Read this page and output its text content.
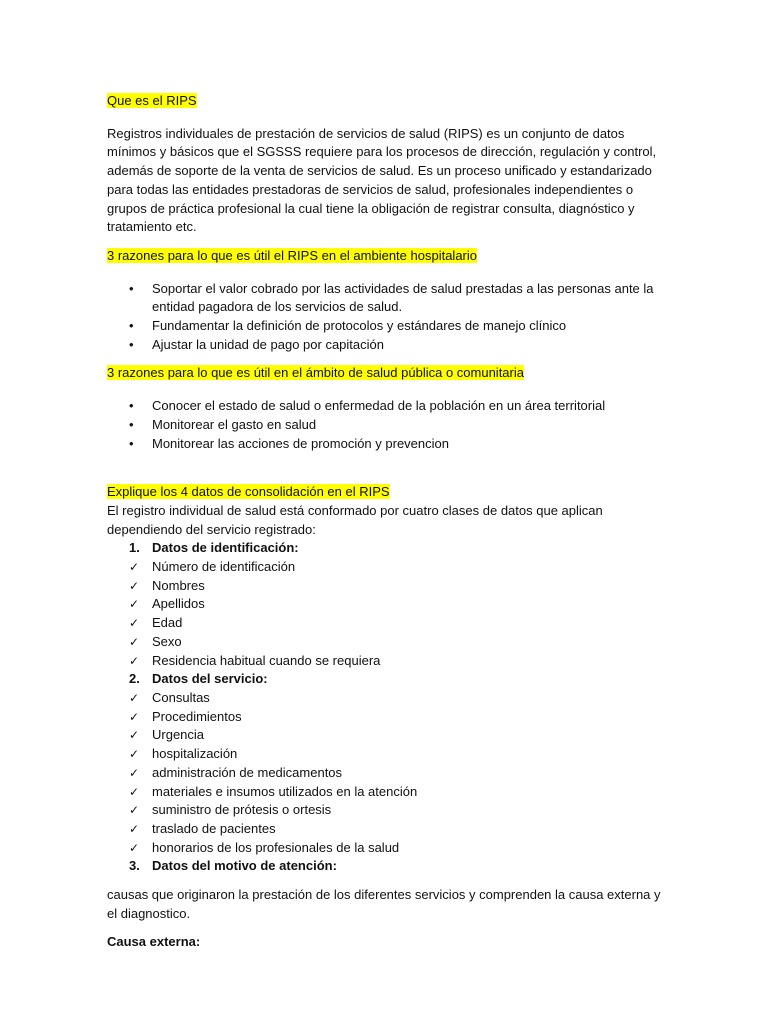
Que es el RIPS

Registros individuales de prestación de servicios de salud (RIPS) es un conjunto de datos mínimos y básicos que el SGSSS requiere para los procesos de dirección, regulación y control, además de soporte de la venta de servicios de salud. Es un proceso unificado y estandarizado para todas las entidades prestadoras de servicios de salud, profesionales independientes o grupos de práctica profesional la cual tiene la obligación de registrar consulta, diagnóstico y tratamiento etc.

3 razones para lo que es útil el RIPS en el ambiente hospitalario

• Soportar el valor cobrado por las actividades de salud prestadas a las personas ante la entidad pagadora de los servicios de salud.
• Fundamentar la definición de protocolos y estándares de manejo clínico
• Ajustar la unidad de pago por capitación

3 razones para lo que es útil en el ámbito de salud pública o comunitaria

• Conocer el estado de salud o enfermedad de la población en un área territorial
• Monitorear el gasto en salud
• Monitorear las acciones de promoción y prevencion

Explique los 4 datos de consolidación en el RIPS

El registro individual de salud está conformado por cuatro clases de datos que aplican dependiendo del servicio registrado:

1. Datos de identificación:
✓ Número de identificación
✓ Nombres
✓ Apellidos
✓ Edad
✓ Sexo
✓ Residencia habitual cuando se requiera
2. Datos del servicio:
✓ Consultas
✓ Procedimientos
✓ Urgencia
✓ hospitalización
✓ administración de medicamentos
✓ materiales e insumos utilizados en la atención
✓ suministro de prótesis o ortesis
✓ traslado de pacientes
✓ honorarios de los profesionales de la salud
3. Datos del motivo de atención:

causas que originaron la prestación de los diferentes servicios y comprenden la causa externa y el diagnostico.

Causa externa:
